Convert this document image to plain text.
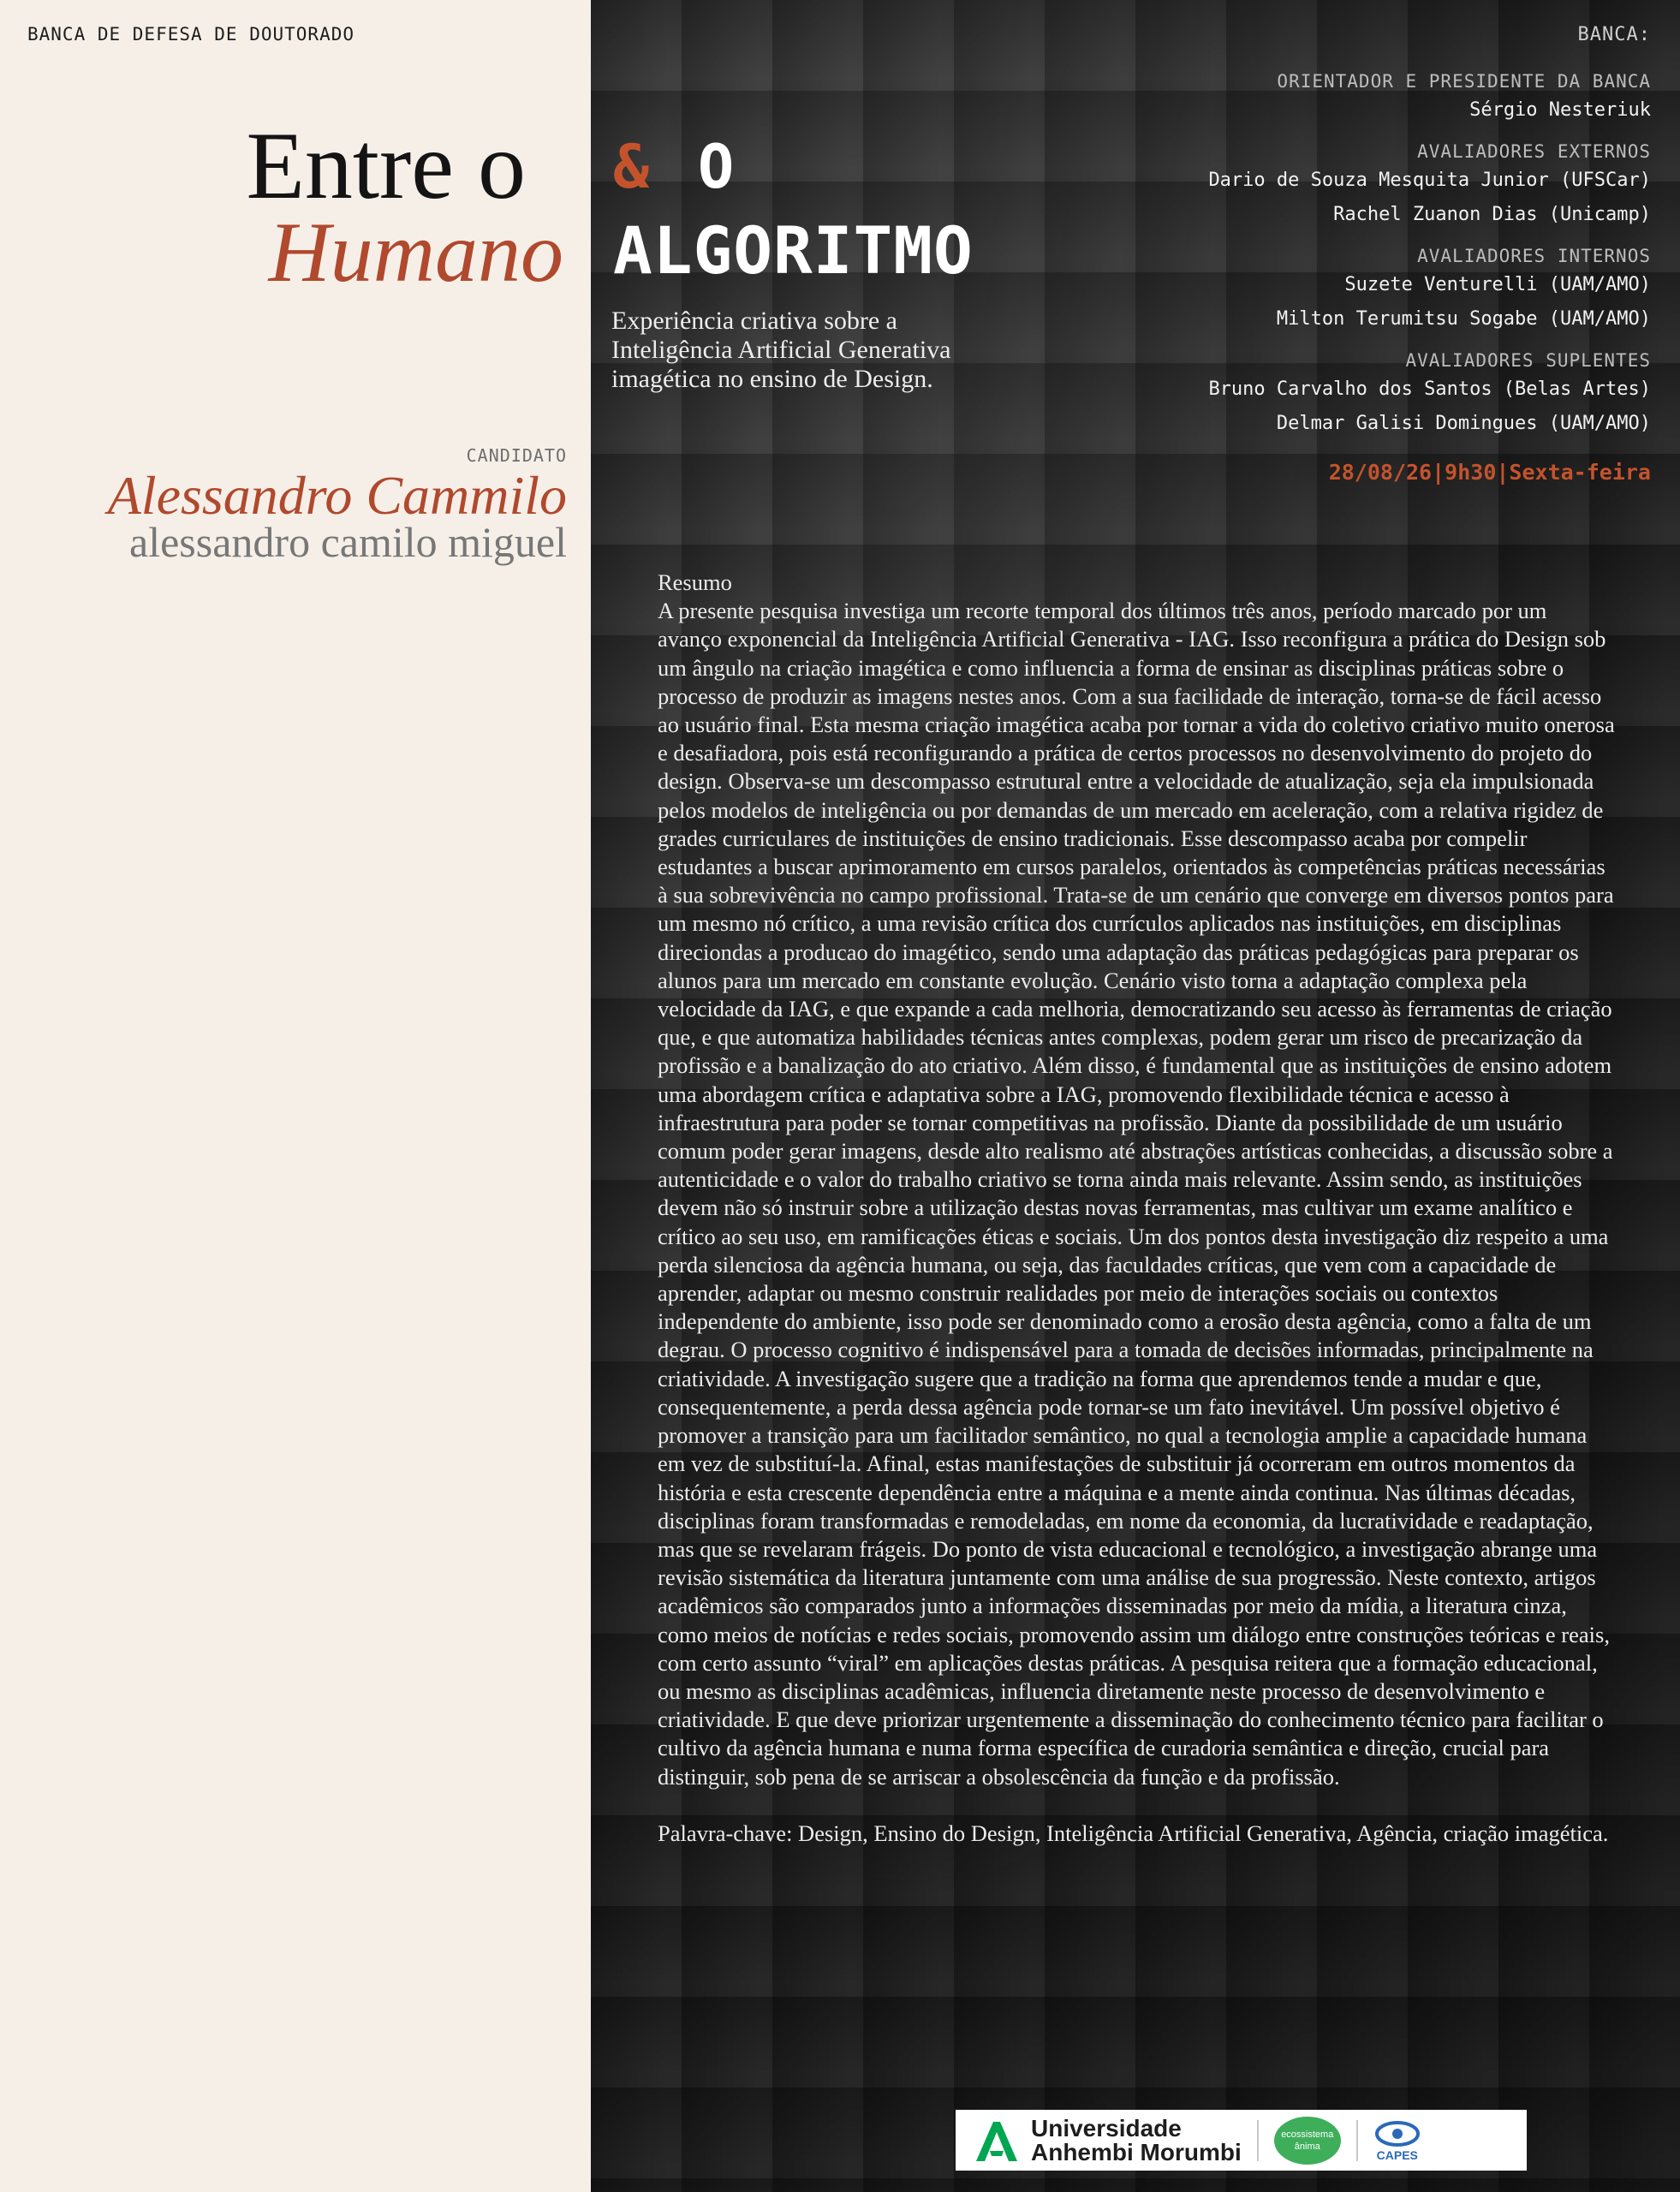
BANCA DE DEFESA DE DOUTORADO
Entre o
Humano
CANDIDATO
Alessandro Cammilo
alessandro camilo miguel
& O
ALGORITMO
Experiência criativa sobre a Inteligência Artificial Generativa imagética no ensino de Design.
BANCA:
ORIENTADOR E PRESIDENTE DA BANCA
Sérgio Nesteriuk
AVALIADORES EXTERNOS
Dario de Souza Mesquita Junior (UFSCar)
Rachel Zuanon Dias (Unicamp)
AVALIADORES INTERNOS
Suzete Venturelli (UAM/AMO)
Milton Terumitsu Sogabe (UAM/AMO)
AVALIADORES SUPLENTES
Bruno Carvalho dos Santos (Belas Artes)
Delmar Galisi Domingues (UAM/AMO)
28/08/26|9h30|Sexta-feira

Resumo

A presente pesquisa investiga um recorte temporal dos últimos três anos, período marcado por um avanço exponencial da Inteligência Artificial Generativa - IAG. Isso reconfigura a prática do Design sob um ângulo na criação imagética e como influencia a forma de ensinar as disciplinas práticas sobre o processo de produzir as imagens nestes anos. Com a sua facilidade de interação, torna-se de fácil acesso ao usuário final. Esta mesma criação imagética acaba por tornar a vida do coletivo criativo muito onerosa e desafiadora, pois está reconfigurando a prática de certos processos no desenvolvimento do projeto do design. Observa-se um descompasso estrutural entre a velocidade de atualização, seja ela impulsionada pelos modelos de inteligência ou por demandas de um mercado em aceleração, com a relativa rigidez de grades curriculares de instituições de ensino tradicionais. Esse descompasso acaba por compelir estudantes a buscar aprimoramento em cursos paralelos, orientados às competências práticas necessárias à sua sobrevivência no campo profissional. Trata-se de um cenário que converge em diversos pontos para um mesmo nó crítico, a uma revisão crítica dos currículos aplicados nas instituições, em disciplinas direciondas a producao do imagético, sendo uma adaptação das práticas pedagógicas para preparar os alunos para um mercado em constante evolução. Cenário visto torna a adaptação complexa pela velocidade da IAG, e que expande a cada melhoria, democratizando seu acesso às ferramentas de criação que, e que automatiza habilidades técnicas antes complexas, podem gerar um risco de precarização da profissão e a banalização do ato criativo. Além disso, é fundamental que as instituições de ensino adotem uma abordagem crítica e adaptativa sobre a IAG, promovendo flexibilidade técnica e acesso à infraestrutura para poder se tornar competitivas na profissão. Diante da possibilidade de um usuário comum poder gerar imagens, desde alto realismo até abstrações artísticas conhecidas, a discussão sobre a autenticidade e o valor do trabalho criativo se torna ainda mais relevante. Assim sendo, as instituições devem não só instruir sobre a utilização destas novas ferramentas, mas cultivar um exame analítico e crítico ao seu uso, em ramificações éticas e sociais. Um dos pontos desta investigação diz respeito a uma perda silenciosa da agência humana, ou seja, das faculdades críticas, que vem com a capacidade de aprender, adaptar ou mesmo construir realidades por meio de interações sociais ou contextos independente do ambiente, isso pode ser denominado como a erosão desta agência, como a falta de um degrau. O processo cognitivo é indispensável para a tomada de decisões informadas, principalmente na criatividade. A investigação sugere que a tradição na forma que aprendemos tende a mudar e que, consequentemente, a perda dessa agência pode tornar-se um fato inevitável. Um possível objetivo é promover a transição para um facilitador semântico, no qual a tecnologia amplie a capacidade humana em vez de substituí-la. Afinal, estas manifestações de substituir já ocorreram em outros momentos da história e esta crescente dependência entre a máquina e a mente ainda continua. Nas últimas décadas, disciplinas foram transformadas e remodeladas, em nome da economia, da lucratividade e readaptação, mas que se revelaram frágeis. Do ponto de vista educacional e tecnológico, a investigação abrange uma revisão sistemática da literatura juntamente com uma análise de sua progressão. Neste contexto, artigos acadêmicos são comparados junto a informações disseminadas por meio da mídia, a literatura cinza, como meios de notícias e redes sociais, promovendo assim um diálogo entre construções teóricas e reais, com certo assunto “viral” em aplicações destas práticas. A pesquisa reitera que a formação educacional, ou mesmo as disciplinas acadêmicas, influencia diretamente neste processo de desenvolvimento e criatividade. E que deve priorizar urgentemente a disseminação do conhecimento técnico para facilitar o cultivo da agência humana e numa forma específica de curadoria semântica e direção, crucial para distinguir, sob pena de se arriscar a obsolescência da função e da profissão.

Palavra-chave: Design, Ensino do Design, Inteligência Artificial Generativa, Agência, criação imagética.

Universidade
Anhembi Morumbi
ecossistema
ânima
CAPES
